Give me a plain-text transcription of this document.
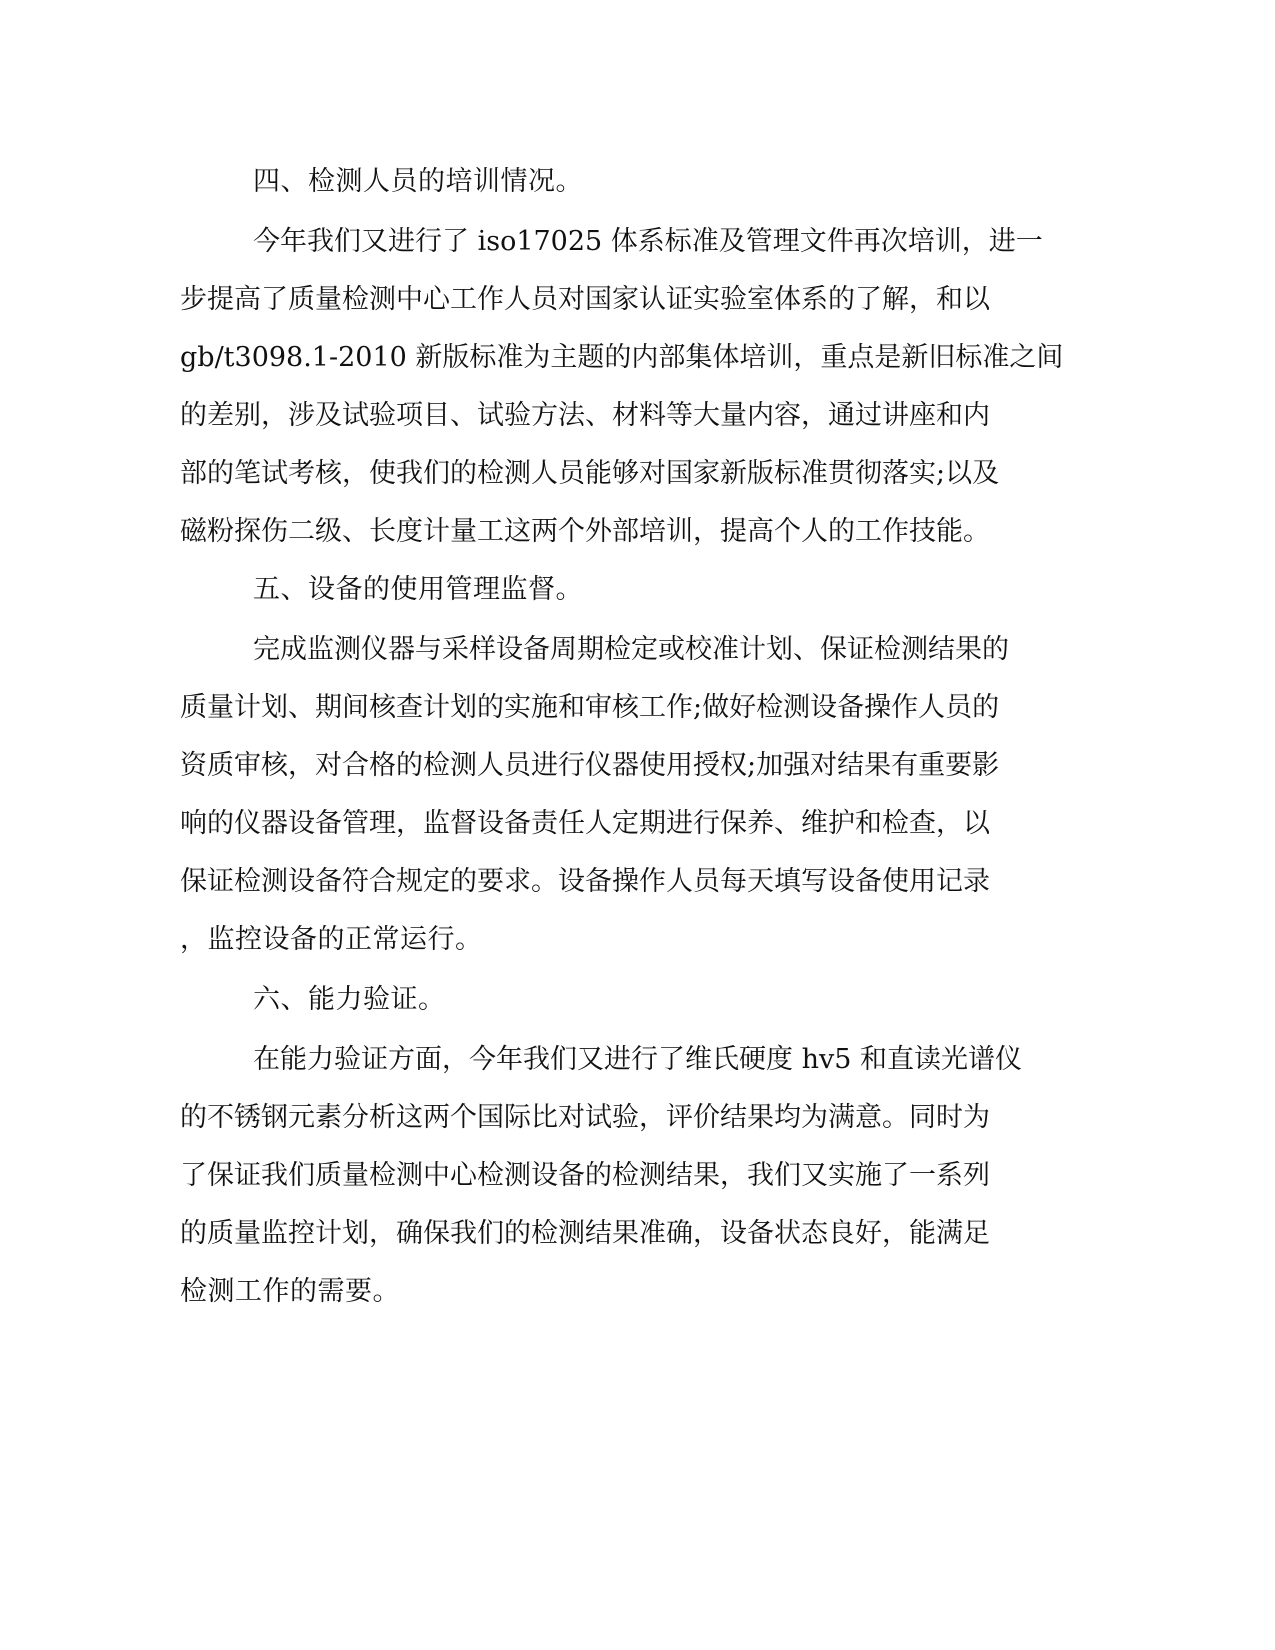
四、检测人员的培训情况。
今年我们又进行了 iso17025 体系标准及管理文件再次培训，进一
步提高了质量检测中心工作人员对国家认证实验室体系的了解，和以
gb/t3098.1-2010 新版标准为主题的内部集体培训，重点是新旧标准之间
的差别，涉及试验项目、试验方法、材料等大量内容，通过讲座和内
部的笔试考核，使我们的检测人员能够对国家新版标准贯彻落实;以及
磁粉探伤二级、长度计量工这两个外部培训，提高个人的工作技能。
五、设备的使用管理监督。
完成监测仪器与采样设备周期检定或校准计划、保证检测结果的
质量计划、期间核查计划的实施和审核工作;做好检测设备操作人员的
资质审核，对合格的检测人员进行仪器使用授权;加强对结果有重要影
响的仪器设备管理，监督设备责任人定期进行保养、维护和检查，以
保证检测设备符合规定的要求。设备操作人员每天填写设备使用记录
，监控设备的正常运行。
六、能力验证。
在能力验证方面，今年我们又进行了维氏硬度 hv5 和直读光谱仪
的不锈钢元素分析这两个国际比对试验，评价结果均为满意。同时为
了保证我们质量检测中心检测设备的检测结果，我们又实施了一系列
的质量监控计划，确保我们的检测结果准确，设备状态良好，能满足
检测工作的需要。
